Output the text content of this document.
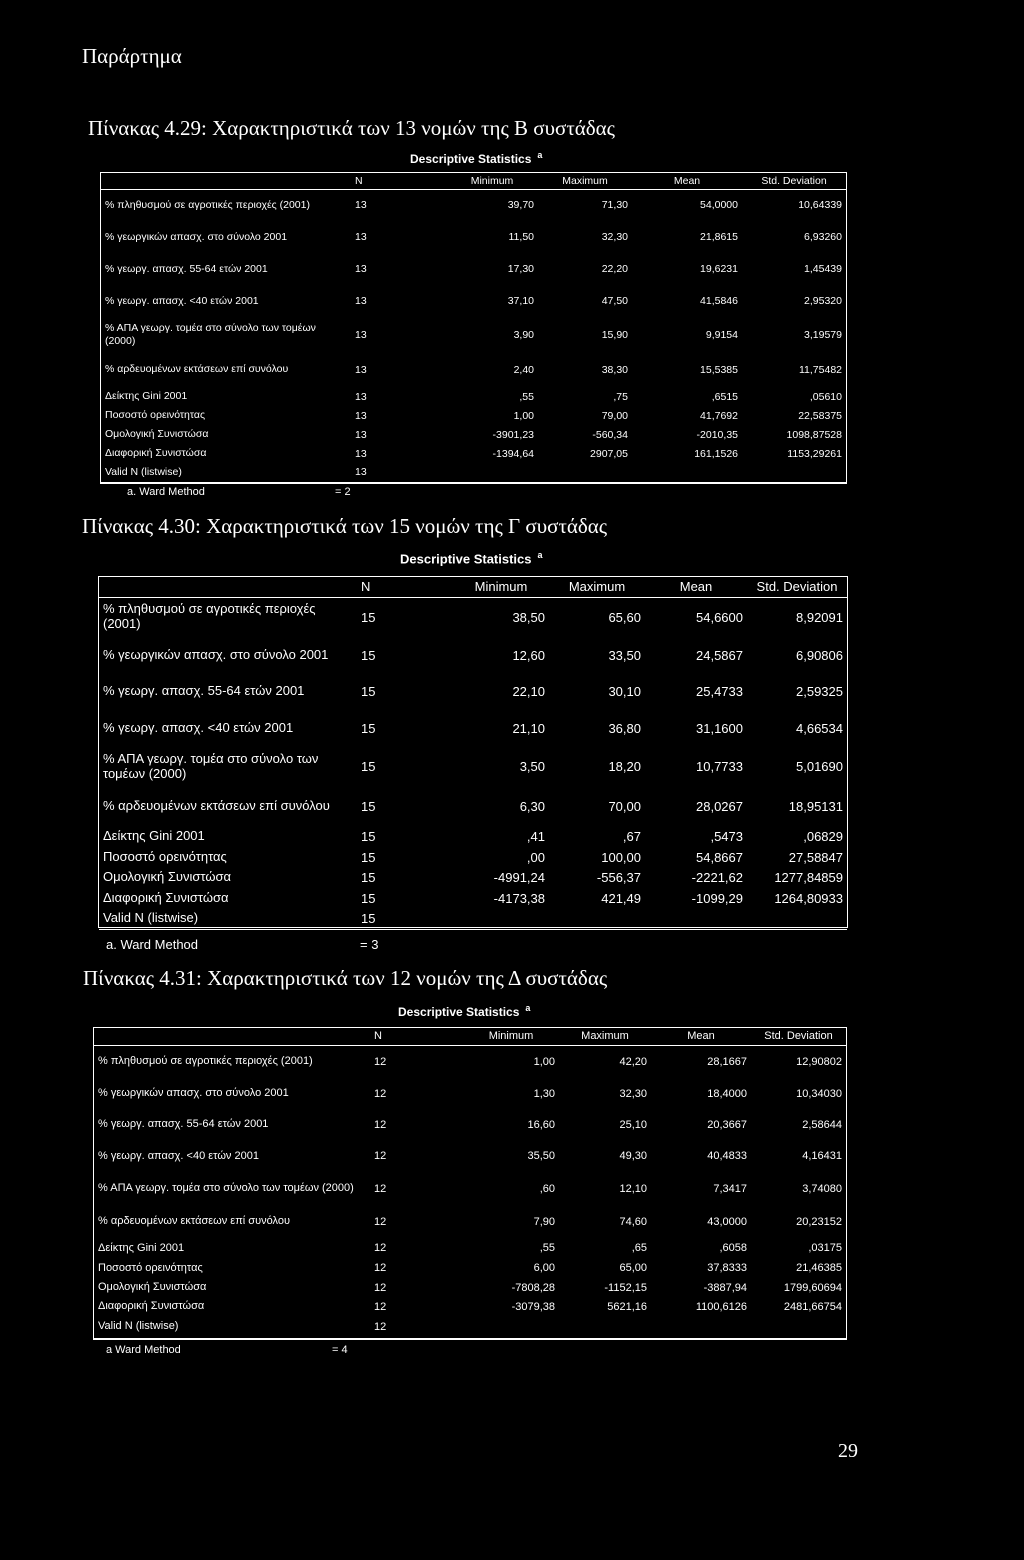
Παράρτημα
Πίνακας 4.29: Χαρακτηριστικά των 13 νομών της Β συστάδας
Descriptive Statistics $^a$
	N	Minimum	Maximum	Mean	Std. Deviation
% πληθυσμού σε αγροτικές περιοχές (2001)	13	39,70	71,30	54,0000	10,64339
% γεωργικών απασχ. στο σύνολο 2001	13	11,50	32,30	21,8615	6,93260
% γεωργ. απασχ. 55-64 ετών 2001	13	17,30	22,20	19,6231	1,45439
% γεωργ. απασχ. <40 ετών 2001	13	37,10	47,50	41,5846	2,95320
% ΑΠΑ γεωργ. τομέα στο σύνολο των τομέων (2000)	13	3,90	15,90	9,9154	3,19579
% αρδευομένων εκτάσεων επί συνόλου	13	2,40	38,30	15,5385	11,75482
Δείκτης Gini 2001	13	,55	,75	,6515	,05610
Ποσοστό ορεινότητας	13	1,00	79,00	41,7692	22,58375
Ομολογική Συνιστώσα	13	-3901,23	-560,34	-2010,35	1098,87528
Διαφορική Συνιστώσα	13	-1394,64	2907,05	161,1526	1153,29261
Valid N (listwise)	13				
a. Ward Method	= 2
Πίνακας 4.30: Χαρακτηριστικά των 15 νομών της Γ συστάδας
Descriptive Statistics $^a$
	N	Minimum	Maximum	Mean	Std. Deviation
% πληθυσμού σε αγροτικές περιοχές (2001)	15	38,50	65,60	54,6600	8,92091
% γεωργικών απασχ. στο σύνολο 2001	15	12,60	33,50	24,5867	6,90806
% γεωργ. απασχ. 55-64 ετών 2001	15	22,10	30,10	25,4733	2,59325
% γεωργ. απασχ. <40 ετών 2001	15	21,10	36,80	31,1600	4,66534
% ΑΠΑ γεωργ. τομέα στο σύνολο των τομέων (2000)	15	3,50	18,20	10,7733	5,01690
% αρδευομένων εκτάσεων επί συνόλου	15	6,30	70,00	28,0267	18,95131
Δείκτης Gini 2001	15	,41	,67	,5473	,06829
Ποσοστό ορεινότητας	15	,00	100,00	54,8667	27,58847
Ομολογική Συνιστώσα	15	-4991,24	-556,37	-2221,62	1277,84859
Διαφορική Συνιστώσα	15	-4173,38	421,49	-1099,29	1264,80933
Valid N (listwise)	15				
a. Ward Method	= 3
Πίνακας 4.31: Χαρακτηριστικά των 12 νομών της Δ συστάδας
Descriptive Statistics $^a$
	N	Minimum	Maximum	Mean	Std. Deviation
% πληθυσμού σε αγροτικές περιοχές (2001)	12	1,00	42,20	28,1667	12,90802
% γεωργικών απασχ. στο σύνολο 2001	12	1,30	32,30	18,4000	10,34030
% γεωργ. απασχ. 55-64 ετών 2001	12	16,60	25,10	20,3667	2,58644
% γεωργ. απασχ. <40 ετών 2001	12	35,50	49,30	40,4833	4,16431
% ΑΠΑ γεωργ. τομέα στο σύνολο των τομέων (2000)	12	,60	12,10	7,3417	3,74080
% αρδευομένων εκτάσεων επί συνόλου	12	7,90	74,60	43,0000	20,23152
Δείκτης Gini 2001	12	,55	,65	,6058	,03175
Ποσοστό ορεινότητας	12	6,00	65,00	37,8333	21,46385
Ομολογική Συνιστώσα	12	-7808,28	-1152,15	-3887,94	1799,60694
Διαφορική Συνιστώσα	12	-3079,38	5621,16	1100,6126	2481,66754
Valid N (listwise)	12				
a Ward Method	= 4
29
